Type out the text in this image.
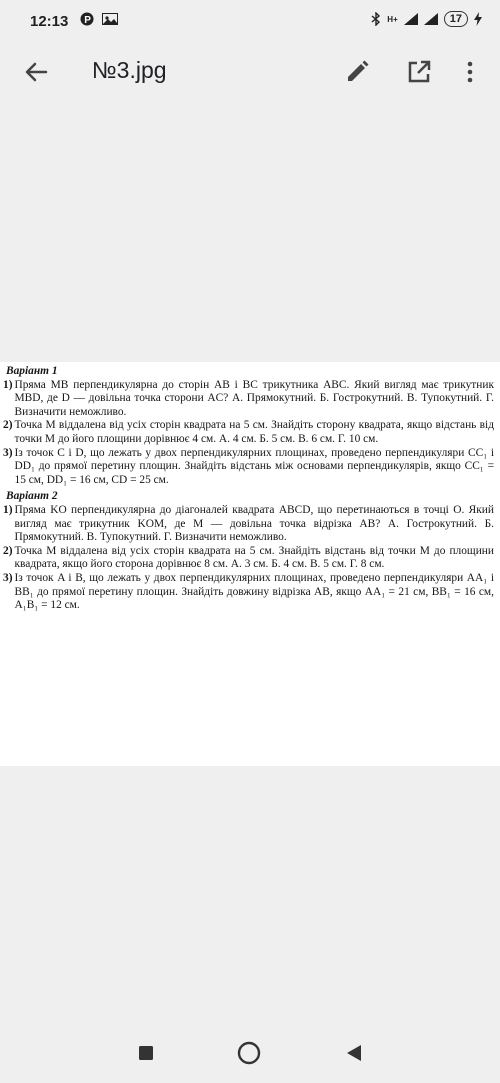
12:13 P	H+	17
№3.jpg
Варіант 1
1) Пряма MB перпендикулярна до сторін AB і BC трикутника ABC. Який вигляд має трикутник MBD, де D — довільна точка сторони AC? А. Прямокутний. Б. Гострокутний. В. Тупокутний. Г. Визначити неможливо.
2) Точка M віддалена від усіх сторін квадрата на 5 см. Знайдіть сторону квадрата, якщо відстань від точки M до його площини дорівнює 4 см. А. 4 см. Б. 5 см. В. 6 см. Г. 10 см.
3) Із точок C і D, що лежать у двох перпендикулярних площинах, проведено перпендикуляри CC₁ і DD₁ до прямої перетину площин. Знайдіть відстань між основами перпендикулярів, якщо CC₁ = 15 см, DD₁ = 16 см, CD = 25 см.
Варіант 2
1) Пряма KO перпендикулярна до діагоналей квадрата ABCD, що перетинаються в точці O. Який вигляд має трикутник KOM, де M — довільна точка відрізка AB? А. Гострокутний. Б. Прямокутний. В. Тупокутний. Г. Визначити неможливо.
2) Точка M віддалена від усіх сторін квадрата на 5 см. Знайдіть відстань від точки M до площини квадрата, якщо його сторона дорівнює 8 см. А. 3 см. Б. 4 см. В. 5 см. Г. 8 см.
3) Із точок A і B, що лежать у двох перпендикулярних площинах, проведено перпендикуляри AA₁ і BB₁ до прямої перетину площин. Знайдіть довжину відрізка AB, якщо AA₁ = 21 см, BB₁ = 16 см, A₁B₁ = 12 см.
